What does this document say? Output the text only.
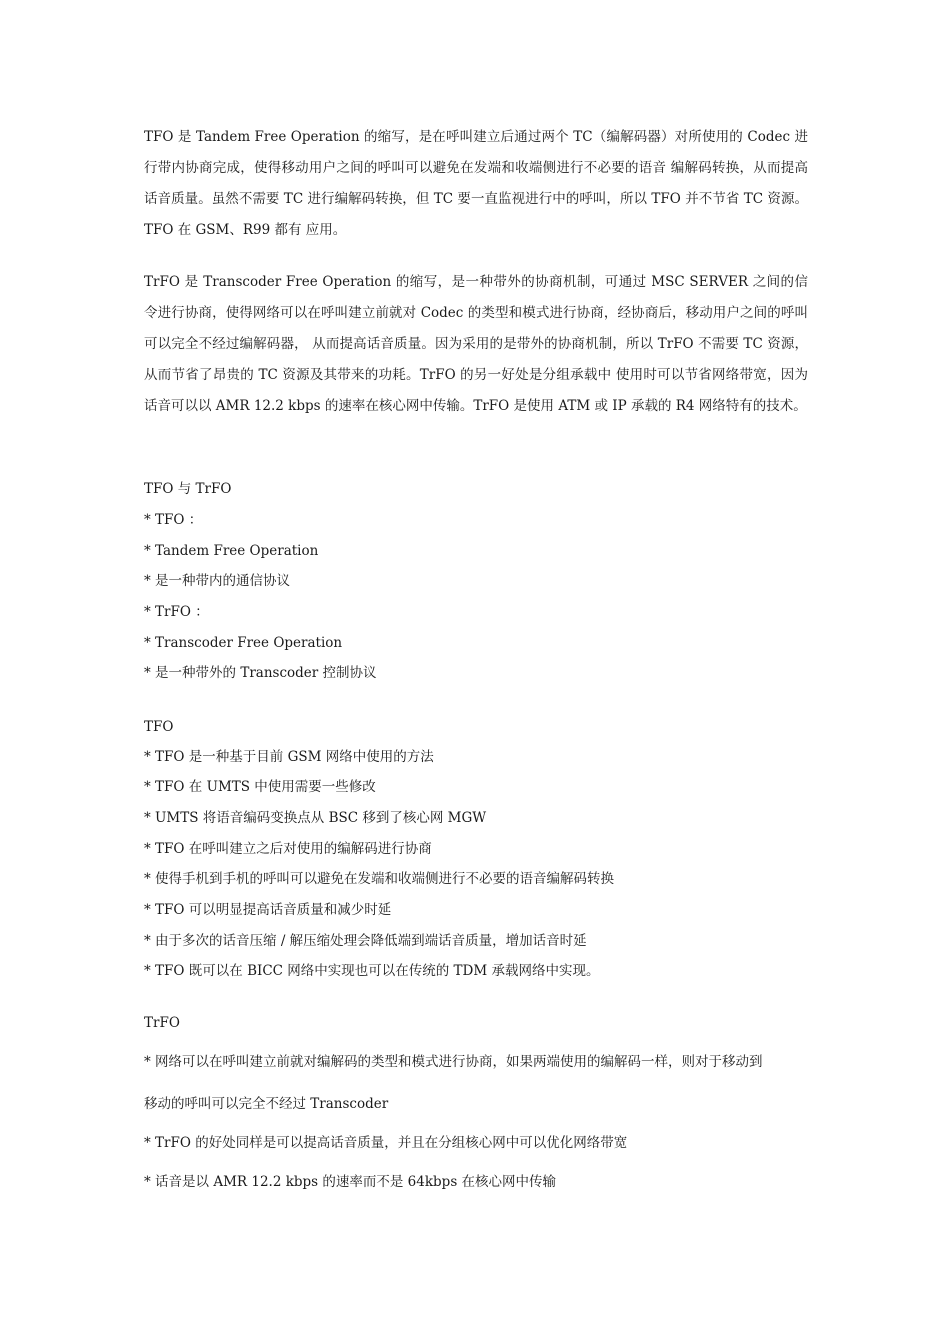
TFO 是 Tandem Free Operation 的缩写，是在呼叫建立后通过两个 TC（编解码器）对所使用的 Codec 进行带内协商完成，使得移动用户之间的呼叫可以避免在发端和收端侧进行不必要的语音 编解码转换，从而提高话音质量。虽然不需要 TC 进行编解码转换，但 TC 要一直监视进行中的呼叫，所以 TFO 并不节省 TC 资源。TFO 在 GSM、R99 都有 应用。

TrFO 是 Transcoder Free Operation 的缩写，是一种带外的协商机制，可通过 MSC SERVER 之间的信令进行协商，使得网络可以在呼叫建立前就对 Codec 的类型和模式进行协商，经协商后，移动用户之间的呼叫可以完全不经过编解码器， 从而提高话音质量。因为采用的是带外的协商机制，所以 TrFO 不需要 TC 资源，从而节省了昂贵的 TC 资源及其带来的功耗。TrFO 的另一好处是分组承载中 使用时可以节省网络带宽，因为话音可以以 AMR 12.2 kbps 的速率在核心网中传输。TrFO 是使用 ATM 或 IP 承载的 R4 网络特有的技术。

TFO 与 TrFO

* TFO ：

* Tandem Free Operation

* 是一种带内的通信协议

* TrFO ：

* Transcoder Free Operation

* 是一种带外的 Transcoder 控制协议

TFO

* TFO 是一种基于目前 GSM 网络中使用的方法

* TFO 在 UMTS 中使用需要一些修改

* UMTS 将语音编码变换点从 BSC 移到了核心网 MGW

* TFO 在呼叫建立之后对使用的编解码进行协商

* 使得手机到手机的呼叫可以避免在发端和收端侧进行不必要的语音编解码转换

* TFO 可以明显提高话音质量和减少时延

* 由于多次的话音压缩 / 解压缩处理会降低端到端话音质量，增加话音时延

* TFO 既可以在 BICC 网络中实现也可以在传统的 TDM 承载网络中实现。

TrFO

* 网络可以在呼叫建立前就对编解码的类型和模式进行协商，如果两端使用的编解码一样，则对于移动到

移动的呼叫可以完全不经过 Transcoder

* TrFO 的好处同样是可以提高话音质量，并且在分组核心网中可以优化网络带宽

* 话音是以 AMR 12.2 kbps 的速率而不是 64kbps 在核心网中传输
